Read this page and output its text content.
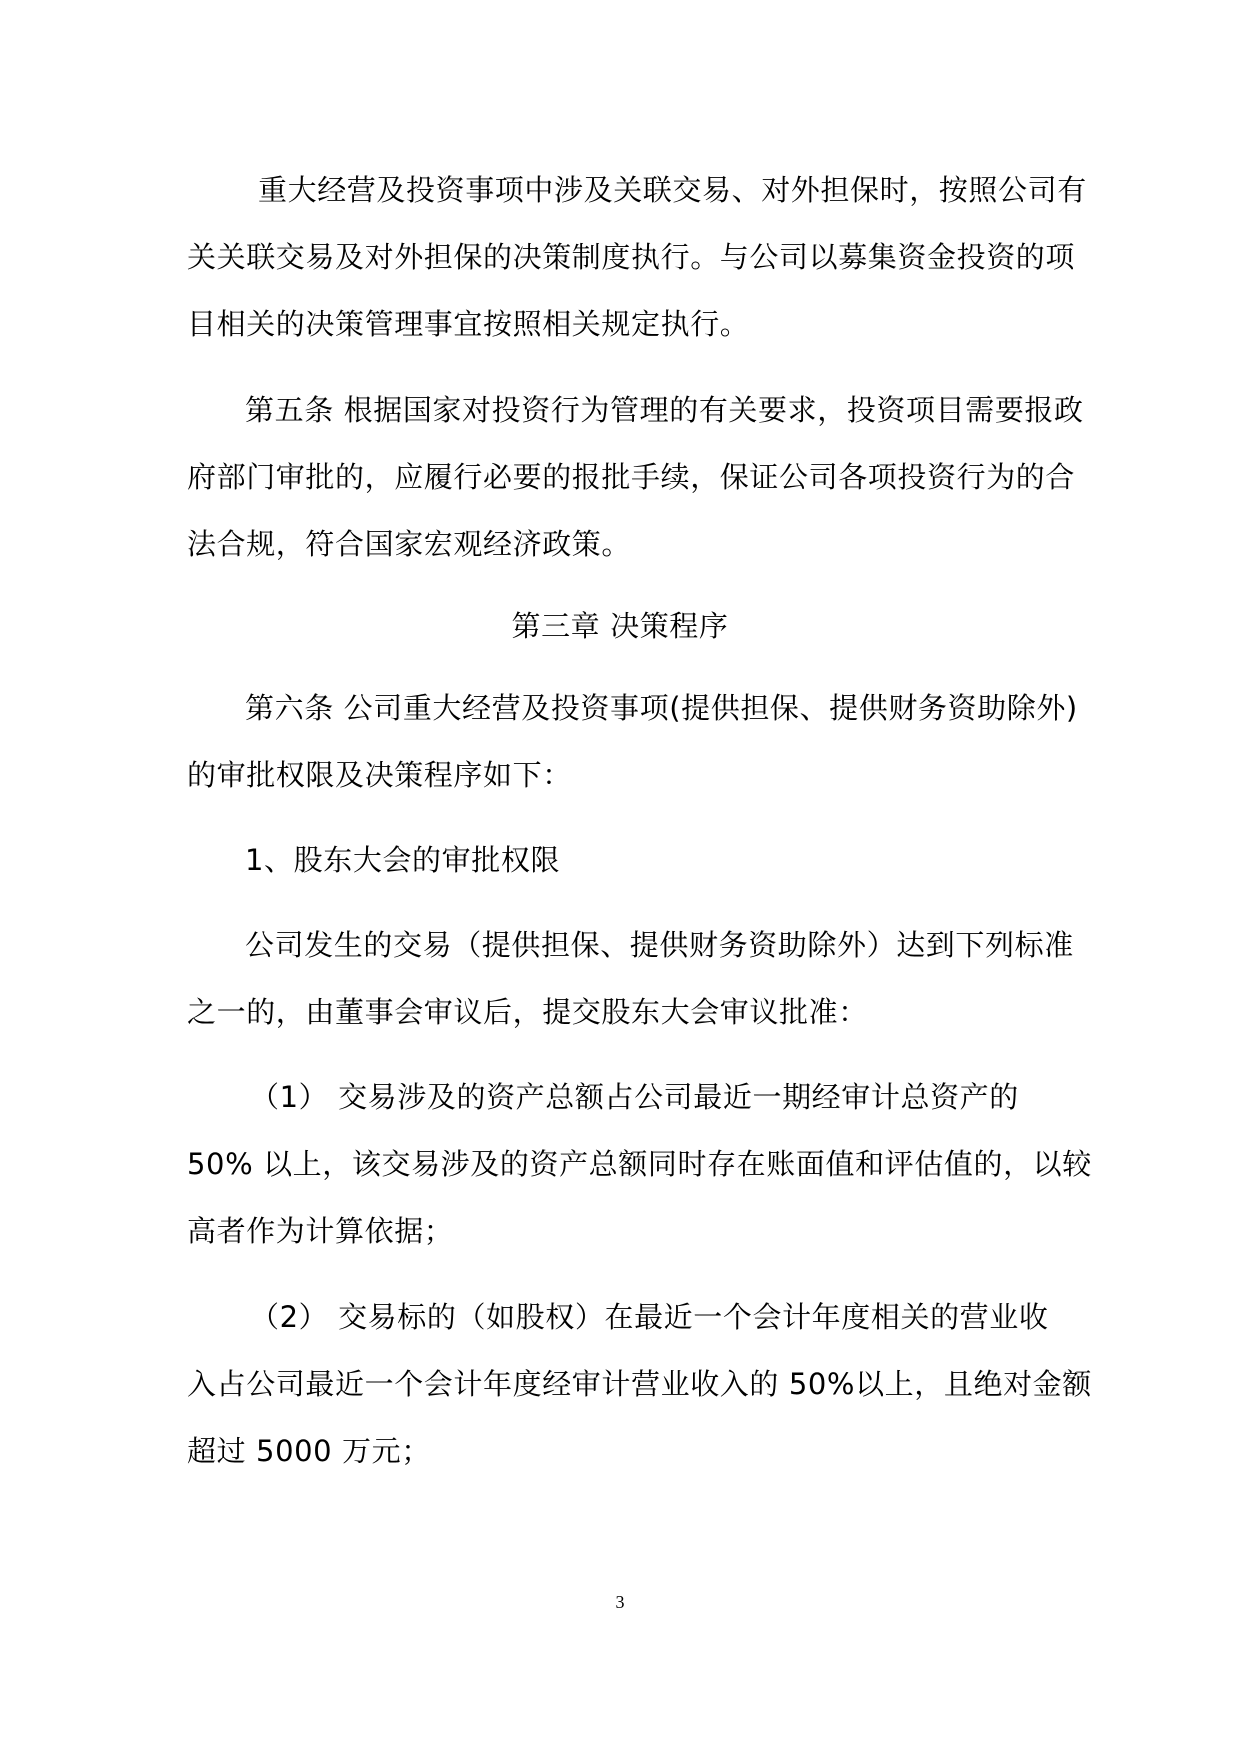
重大经营及投资事项中涉及关联交易、对外担保时，按照公司有
关关联交易及对外担保的决策制度执行。与公司以募集资金投资的项
目相关的决策管理事宜按照相关规定执行。
第五条 根据国家对投资行为管理的有关要求，投资项目需要报政
府部门审批的，应履行必要的报批手续，保证公司各项投资行为的合
法合规，符合国家宏观经济政策。
第三章 决策程序
第六条 公司重大经营及投资事项(提供担保、提供财务资助除外)
的审批权限及决策程序如下：
1、股东大会的审批权限
公司发生的交易（提供担保、提供财务资助除外）达到下列标准
之一的，由董事会审议后，提交股东大会审议批准：
（1） 交易涉及的资产总额占公司最近一期经审计总资产的
50% 以上，该交易涉及的资产总额同时存在账面值和评估值的，以较
高者作为计算依据；
（2） 交易标的（如股权）在最近一个会计年度相关的营业收
入占公司最近一个会计年度经审计营业收入的 50%以上，且绝对金额
超过 5000 万元；
3
